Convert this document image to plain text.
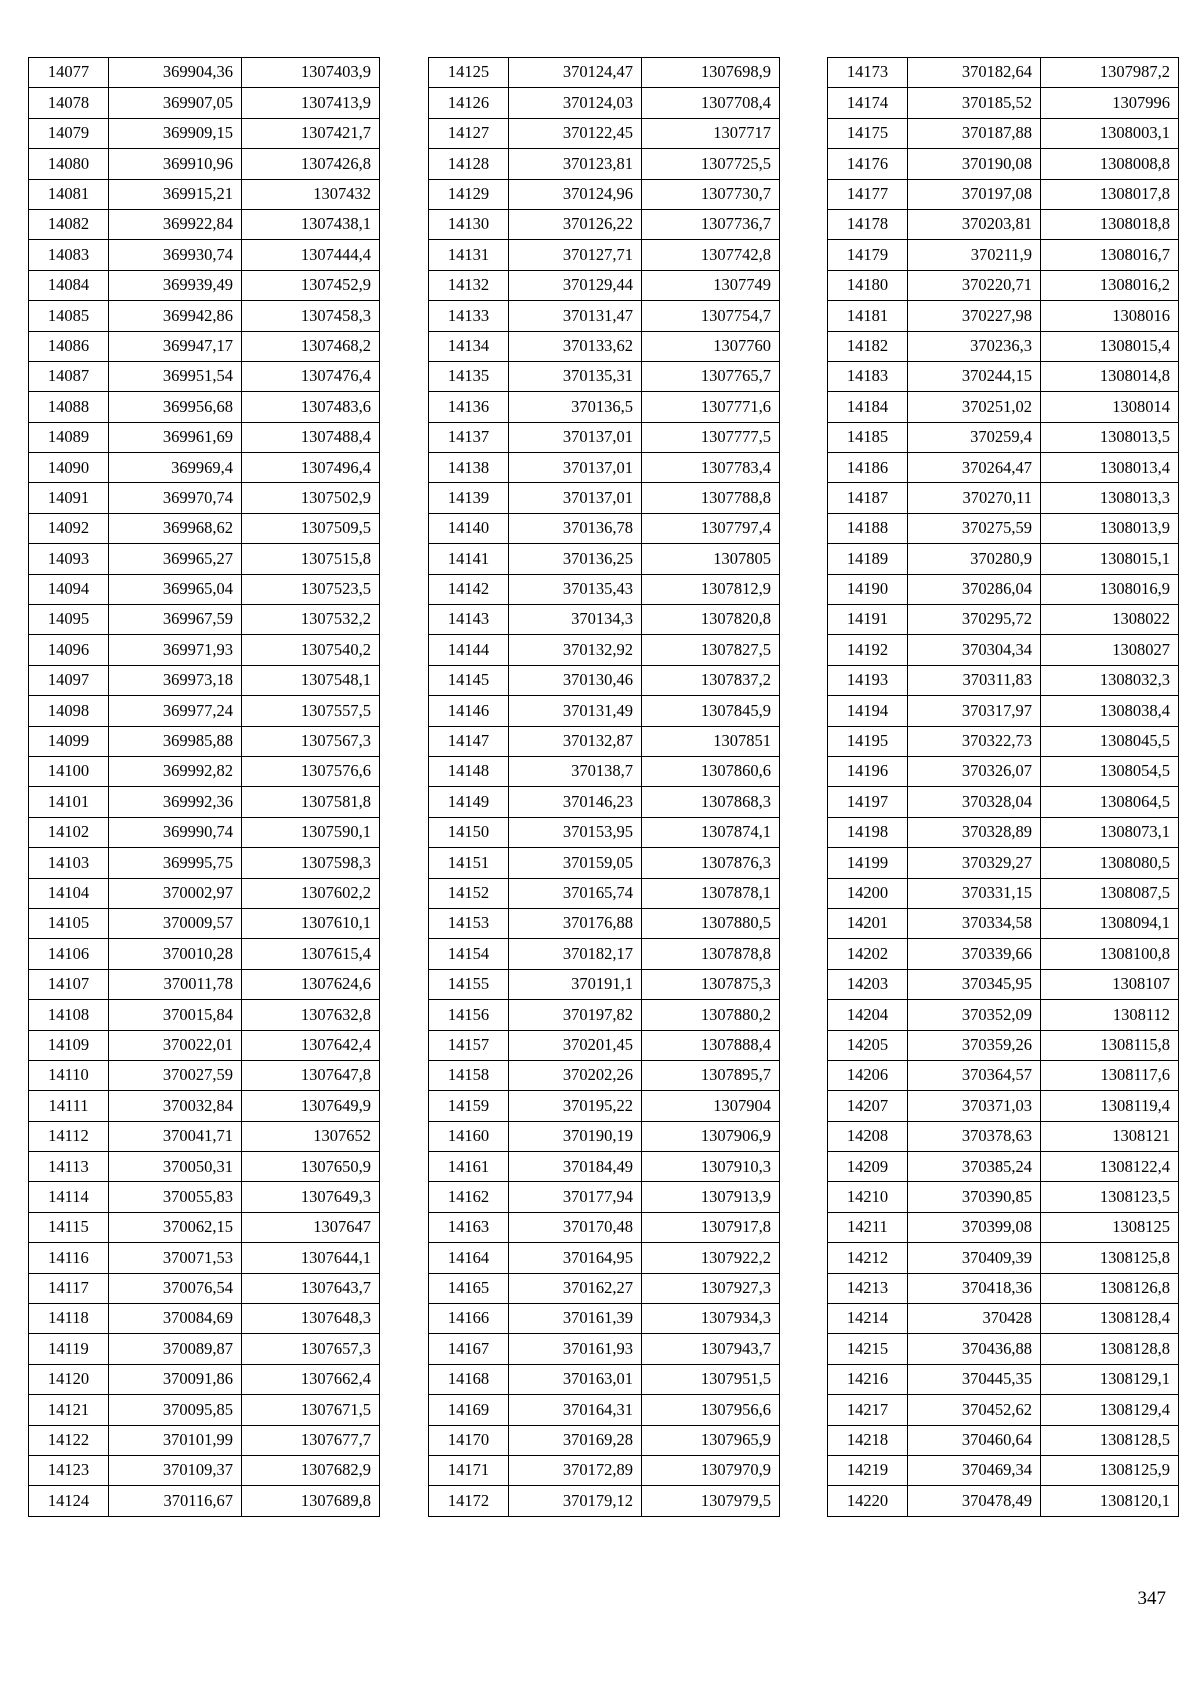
14077	369904,36	1307403,9
14078	369907,05	1307413,9
14079	369909,15	1307421,7
14080	369910,96	1307426,8
14081	369915,21	1307432
14082	369922,84	1307438,1
14083	369930,74	1307444,4
14084	369939,49	1307452,9
14085	369942,86	1307458,3
14086	369947,17	1307468,2
14087	369951,54	1307476,4
14088	369956,68	1307483,6
14089	369961,69	1307488,4
14090	369969,4	1307496,4
14091	369970,74	1307502,9
14092	369968,62	1307509,5
14093	369965,27	1307515,8
14094	369965,04	1307523,5
14095	369967,59	1307532,2
14096	369971,93	1307540,2
14097	369973,18	1307548,1
14098	369977,24	1307557,5
14099	369985,88	1307567,3
14100	369992,82	1307576,6
14101	369992,36	1307581,8
14102	369990,74	1307590,1
14103	369995,75	1307598,3
14104	370002,97	1307602,2
14105	370009,57	1307610,1
14106	370010,28	1307615,4
14107	370011,78	1307624,6
14108	370015,84	1307632,8
14109	370022,01	1307642,4
14110	370027,59	1307647,8
14111	370032,84	1307649,9
14112	370041,71	1307652
14113	370050,31	1307650,9
14114	370055,83	1307649,3
14115	370062,15	1307647
14116	370071,53	1307644,1
14117	370076,54	1307643,7
14118	370084,69	1307648,3
14119	370089,87	1307657,3
14120	370091,86	1307662,4
14121	370095,85	1307671,5
14122	370101,99	1307677,7
14123	370109,37	1307682,9
14124	370116,67	1307689,8
14125	370124,47	1307698,9
14126	370124,03	1307708,4
14127	370122,45	1307717
14128	370123,81	1307725,5
14129	370124,96	1307730,7
14130	370126,22	1307736,7
14131	370127,71	1307742,8
14132	370129,44	1307749
14133	370131,47	1307754,7
14134	370133,62	1307760
14135	370135,31	1307765,7
14136	370136,5	1307771,6
14137	370137,01	1307777,5
14138	370137,01	1307783,4
14139	370137,01	1307788,8
14140	370136,78	1307797,4
14141	370136,25	1307805
14142	370135,43	1307812,9
14143	370134,3	1307820,8
14144	370132,92	1307827,5
14145	370130,46	1307837,2
14146	370131,49	1307845,9
14147	370132,87	1307851
14148	370138,7	1307860,6
14149	370146,23	1307868,3
14150	370153,95	1307874,1
14151	370159,05	1307876,3
14152	370165,74	1307878,1
14153	370176,88	1307880,5
14154	370182,17	1307878,8
14155	370191,1	1307875,3
14156	370197,82	1307880,2
14157	370201,45	1307888,4
14158	370202,26	1307895,7
14159	370195,22	1307904
14160	370190,19	1307906,9
14161	370184,49	1307910,3
14162	370177,94	1307913,9
14163	370170,48	1307917,8
14164	370164,95	1307922,2
14165	370162,27	1307927,3
14166	370161,39	1307934,3
14167	370161,93	1307943,7
14168	370163,01	1307951,5
14169	370164,31	1307956,6
14170	370169,28	1307965,9
14171	370172,89	1307970,9
14172	370179,12	1307979,5
14173	370182,64	1307987,2
14174	370185,52	1307996
14175	370187,88	1308003,1
14176	370190,08	1308008,8
14177	370197,08	1308017,8
14178	370203,81	1308018,8
14179	370211,9	1308016,7
14180	370220,71	1308016,2
14181	370227,98	1308016
14182	370236,3	1308015,4
14183	370244,15	1308014,8
14184	370251,02	1308014
14185	370259,4	1308013,5
14186	370264,47	1308013,4
14187	370270,11	1308013,3
14188	370275,59	1308013,9
14189	370280,9	1308015,1
14190	370286,04	1308016,9
14191	370295,72	1308022
14192	370304,34	1308027
14193	370311,83	1308032,3
14194	370317,97	1308038,4
14195	370322,73	1308045,5
14196	370326,07	1308054,5
14197	370328,04	1308064,5
14198	370328,89	1308073,1
14199	370329,27	1308080,5
14200	370331,15	1308087,5
14201	370334,58	1308094,1
14202	370339,66	1308100,8
14203	370345,95	1308107
14204	370352,09	1308112
14205	370359,26	1308115,8
14206	370364,57	1308117,6
14207	370371,03	1308119,4
14208	370378,63	1308121
14209	370385,24	1308122,4
14210	370390,85	1308123,5
14211	370399,08	1308125
14212	370409,39	1308125,8
14213	370418,36	1308126,8
14214	370428	1308128,4
14215	370436,88	1308128,8
14216	370445,35	1308129,1
14217	370452,62	1308129,4
14218	370460,64	1308128,5
14219	370469,34	1308125,9
14220	370478,49	1308120,1
347
